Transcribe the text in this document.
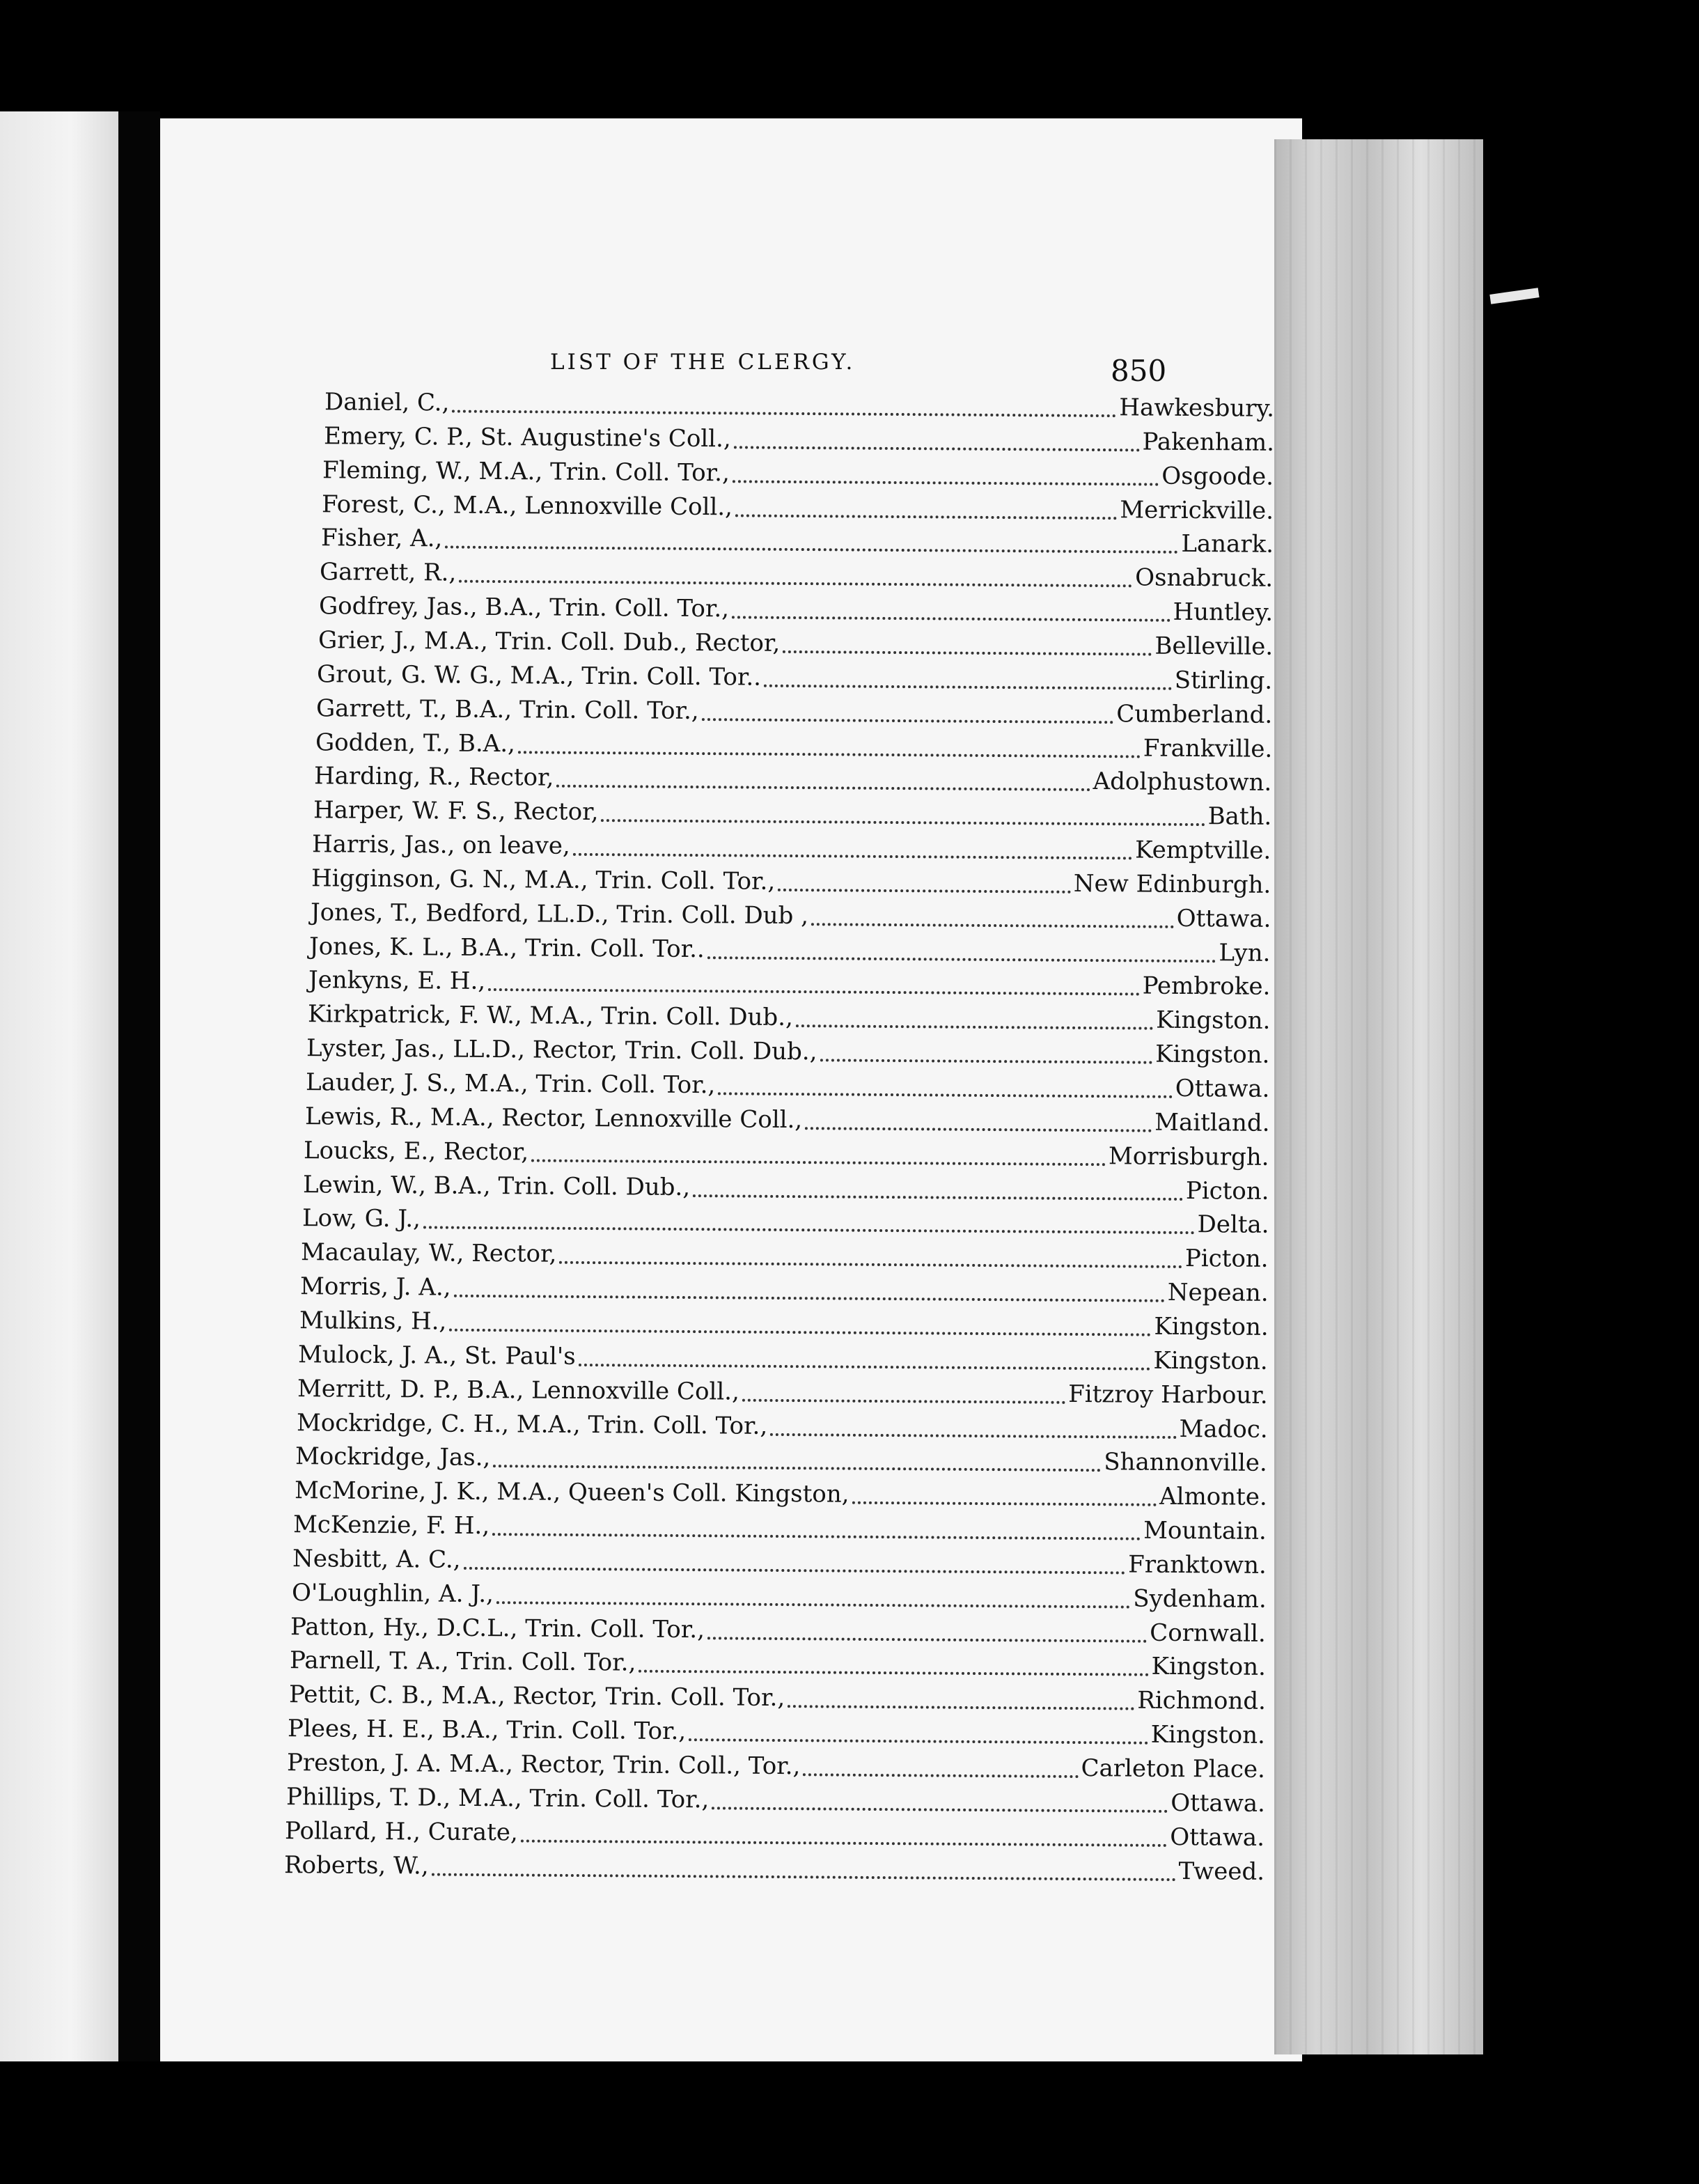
LIST OF THE CLERGY.	850
Daniel, C.,	Hawkesbury.
Emery, C. P., St. Augustine's Coll.,	Pakenham.
Fleming, W., M.A., Trin. Coll. Tor.,	Osgoode.
Forest, C., M.A., Lennoxville Coll.,	Merrickville.
Fisher, A.,	Lanark.
Garrett, R.,	Osnabruck.
Godfrey, Jas., B.A., Trin. Coll. Tor.,	Huntley.
Grier, J., M.A., Trin. Coll. Dub., Rector,	Belleville.
Grout, G. W. G., M.A., Trin. Coll. Tor..	Stirling.
Garrett, T., B.A., Trin. Coll. Tor.,	Cumberland.
Godden, T., B.A.,	Frankville.
Harding, R., Rector,	Adolphustown.
Harper, W. F. S., Rector,	Bath.
Harris, Jas., on leave,	Kemptville.
Higginson, G. N., M.A., Trin. Coll. Tor.,	New Edinburgh.
Jones, T., Bedford, LL.D., Trin. Coll. Dub ,	Ottawa.
Jones, K. L., B.A., Trin. Coll. Tor..	Lyn.
Jenkyns, E. H.,	Pembroke.
Kirkpatrick, F. W., M.A., Trin. Coll. Dub.,	Kingston.
Lyster, Jas., LL.D., Rector, Trin. Coll. Dub.,	Kingston.
Lauder, J. S., M.A., Trin. Coll. Tor.,	Ottawa.
Lewis, R., M.A., Rector, Lennoxville Coll.,	Maitland.
Loucks, E., Rector,	Morrisburgh.
Lewin, W., B.A., Trin. Coll. Dub.,	Picton.
Low, G. J.,	Delta.
Macaulay, W., Rector,	Picton.
Morris, J. A.,	Nepean.
Mulkins, H.,	Kingston.
Mulock, J. A., St. Paul's	Kingston.
Merritt, D. P., B.A., Lennoxville Coll.,	Fitzroy Harbour.
Mockridge, C. H., M.A., Trin. Coll. Tor.,	Madoc.
Mockridge, Jas.,	Shannonville.
McMorine, J. K., M.A., Queen's Coll. Kingston,	Almonte.
McKenzie, F. H.,	Mountain.
Nesbitt, A. C.,	Franktown.
O'Loughlin, A. J.,	Sydenham.
Patton, Hy., D.C.L., Trin. Coll. Tor.,	Cornwall.
Parnell, T. A., Trin. Coll. Tor.,	Kingston.
Pettit, C. B., M.A., Rector, Trin. Coll. Tor.,	Richmond.
Plees, H. E., B.A., Trin. Coll. Tor.,	Kingston.
Preston, J. A. M.A., Rector, Trin. Coll., Tor.,	Carleton Place.
Phillips, T. D., M.A., Trin. Coll. Tor.,	Ottawa.
Pollard, H., Curate,	Ottawa.
Roberts, W.,	Tweed.
